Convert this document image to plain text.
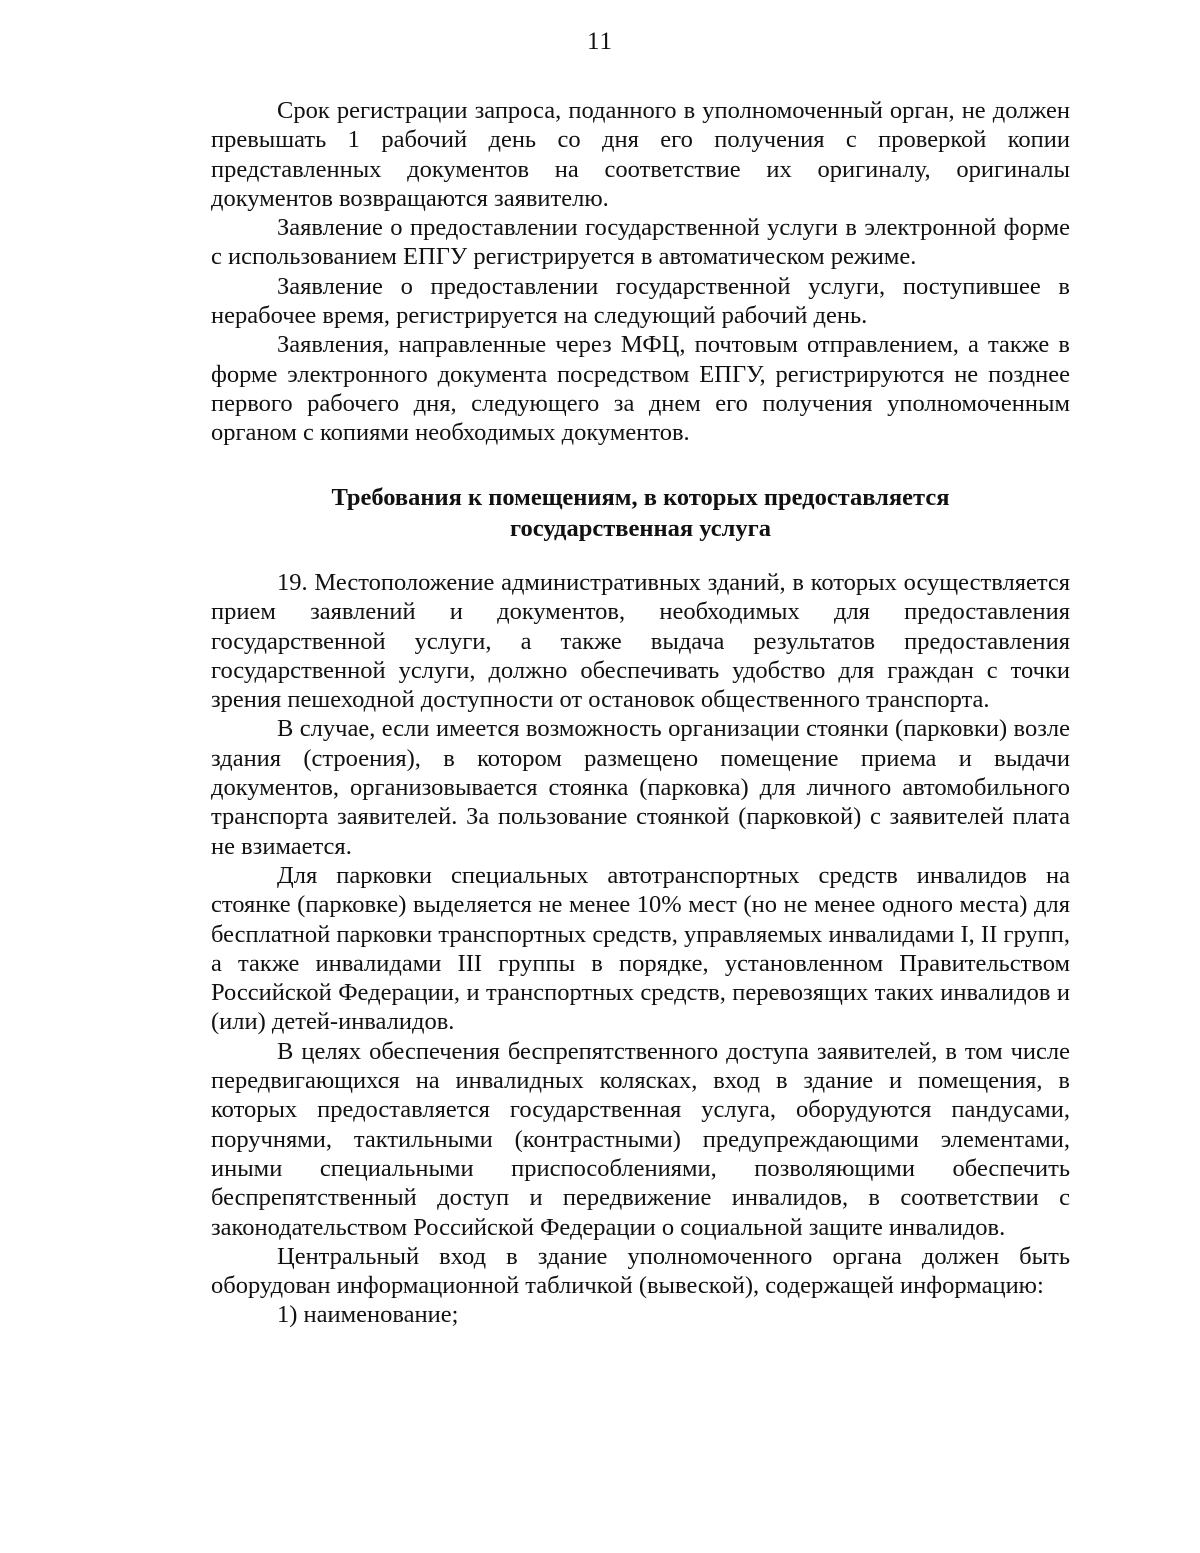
11

Срок регистрации запроса, поданного в уполномоченный орган, не должен превышать 1 рабочий день со дня его получения с проверкой копии представленных документов на соответствие их оригиналу, оригиналы документов возвращаются заявителю.

Заявление о предоставлении государственной услуги в электронной форме с использованием ЕПГУ регистрируется в автоматическом режиме.

Заявление о предоставлении государственной услуги, поступившее в нерабочее время, регистрируется на следующий рабочий день.

Заявления, направленные через МФЦ, почтовым отправлением, а также в форме электронного документа посредством ЕПГУ, регистрируются не позднее первого рабочего дня, следующего за днем его получения уполномоченным органом с копиями необходимых документов.

Требования к помещениям, в которых предоставляется
государственная услуга

19. Местоположение административных зданий, в которых осуществляется прием заявлений и документов, необходимых для предоставления государственной услуги, а также выдача результатов предоставления государственной услуги, должно обеспечивать удобство для граждан с точки зрения пешеходной доступности от остановок общественного транспорта.

В случае, если имеется возможность организации стоянки (парковки) возле здания (строения), в котором размещено помещение приема и выдачи документов, организовывается стоянка (парковка) для личного автомобильного транспорта заявителей. За пользование стоянкой (парковкой) с заявителей плата не взимается.

Для парковки специальных автотранспортных средств инвалидов на стоянке (парковке) выделяется не менее 10% мест (но не менее одного места) для бесплатной парковки транспортных средств, управляемых инвалидами I, II групп, а также инвалидами III группы в порядке, установленном Правительством Российской Федерации, и транспортных средств, перевозящих таких инвалидов и (или) детей-инвалидов.

В целях обеспечения беспрепятственного доступа заявителей, в том числе передвигающихся на инвалидных колясках, вход в здание и помещения, в которых предоставляется государственная услуга, оборудуются пандусами, поручнями, тактильными (контрастными) предупреждающими элементами, иными специальными приспособлениями, позволяющими обеспечить беспрепятственный доступ и передвижение инвалидов, в соответствии с законодательством Российской Федерации о социальной защите инвалидов.

Центральный вход в здание уполномоченного органа должен быть оборудован информационной табличкой (вывеской), содержащей информацию:

1) наименование;
